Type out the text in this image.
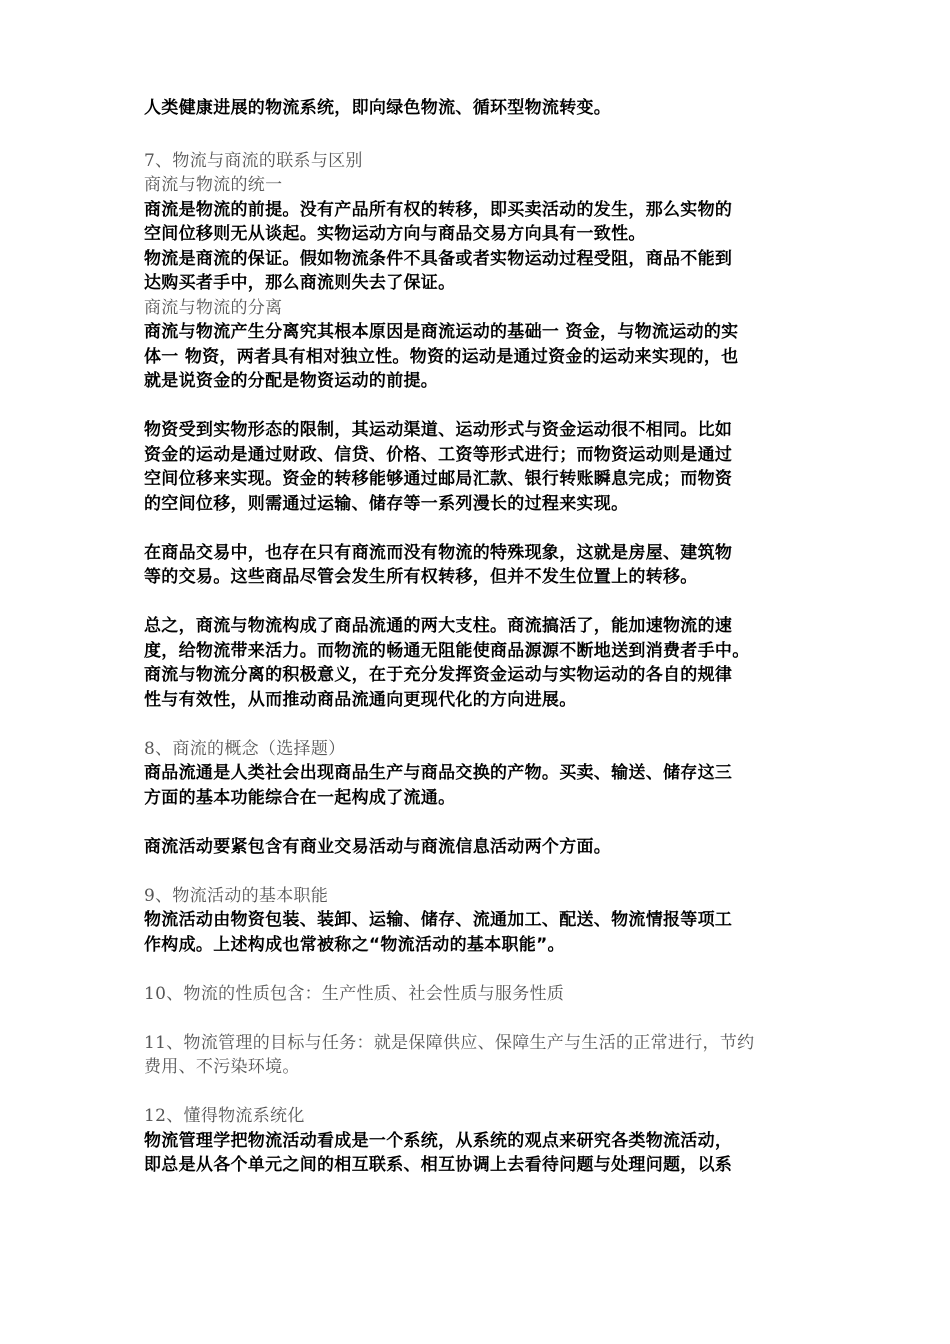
人类健康进展的物流系统，即向绿色物流、循环型物流转变。
7、物流与商流的联系与区别
商流与物流的统一
商流是物流的前提。没有产品所有权的转移，即买卖活动的发生，那么实物的
空间位移则无从谈起。实物运动方向与商品交易方向具有一致性。
物流是商流的保证。假如物流条件不具备或者实物运动过程受阻，商品不能到
达购买者手中，那么商流则失去了保证。
商流与物流的分离
商流与物流产生分离究其根本原因是商流运动的基础一 资金，与物流运动的实
体一 物资，两者具有相对独立性。物资的运动是通过资金的运动来实现的，也
就是说资金的分配是物资运动的前提。
物资受到实物形态的限制，其运动渠道、运动形式与资金运动很不相同。比如
资金的运动是通过财政、信贷、价格、工资等形式进行；而物资运动则是通过
空间位移来实现。资金的转移能够通过邮局汇款、银行转账瞬息完成；而物资
的空间位移，则需通过运输、储存等一系列漫长的过程来实现。
在商品交易中，也存在只有商流而没有物流的特殊现象，这就是房屋、建筑物
等的交易。这些商品尽管会发生所有权转移，但并不发生位置上的转移。
总之，商流与物流构成了商品流通的两大支柱。商流搞活了，能加速物流的速
度，给物流带来活力。而物流的畅通无阻能使商品源源不断地送到消费者手中。
商流与物流分离的积极意义，在于充分发挥资金运动与实物运动的各自的规律
性与有效性，从而推动商品流通向更现代化的方向进展。
8、商流的概念（选择题）
商品流通是人类社会出现商品生产与商品交换的产物。买卖、输送、储存这三
方面的基本功能综合在一起构成了流通。
商流活动要紧包含有商业交易活动与商流信息活动两个方面。
9、物流活动的基本职能
物流活动由物资包装、装卸、运输、储存、流通加工、配送、物流情报等项工
作构成。上述构成也常被称之“物流活动的基本职能”。
10、物流的性质包含：生产性质、社会性质与服务性质
11、物流管理的目标与任务：就是保障供应、保障生产与生活的正常进行，节约
费用、不污染环境。
12、懂得物流系统化
物流管理学把物流活动看成是一个系统，从系统的观点来研究各类物流活动，
即总是从各个单元之间的相互联系、相互协调上去看待问题与处理问题，以系
